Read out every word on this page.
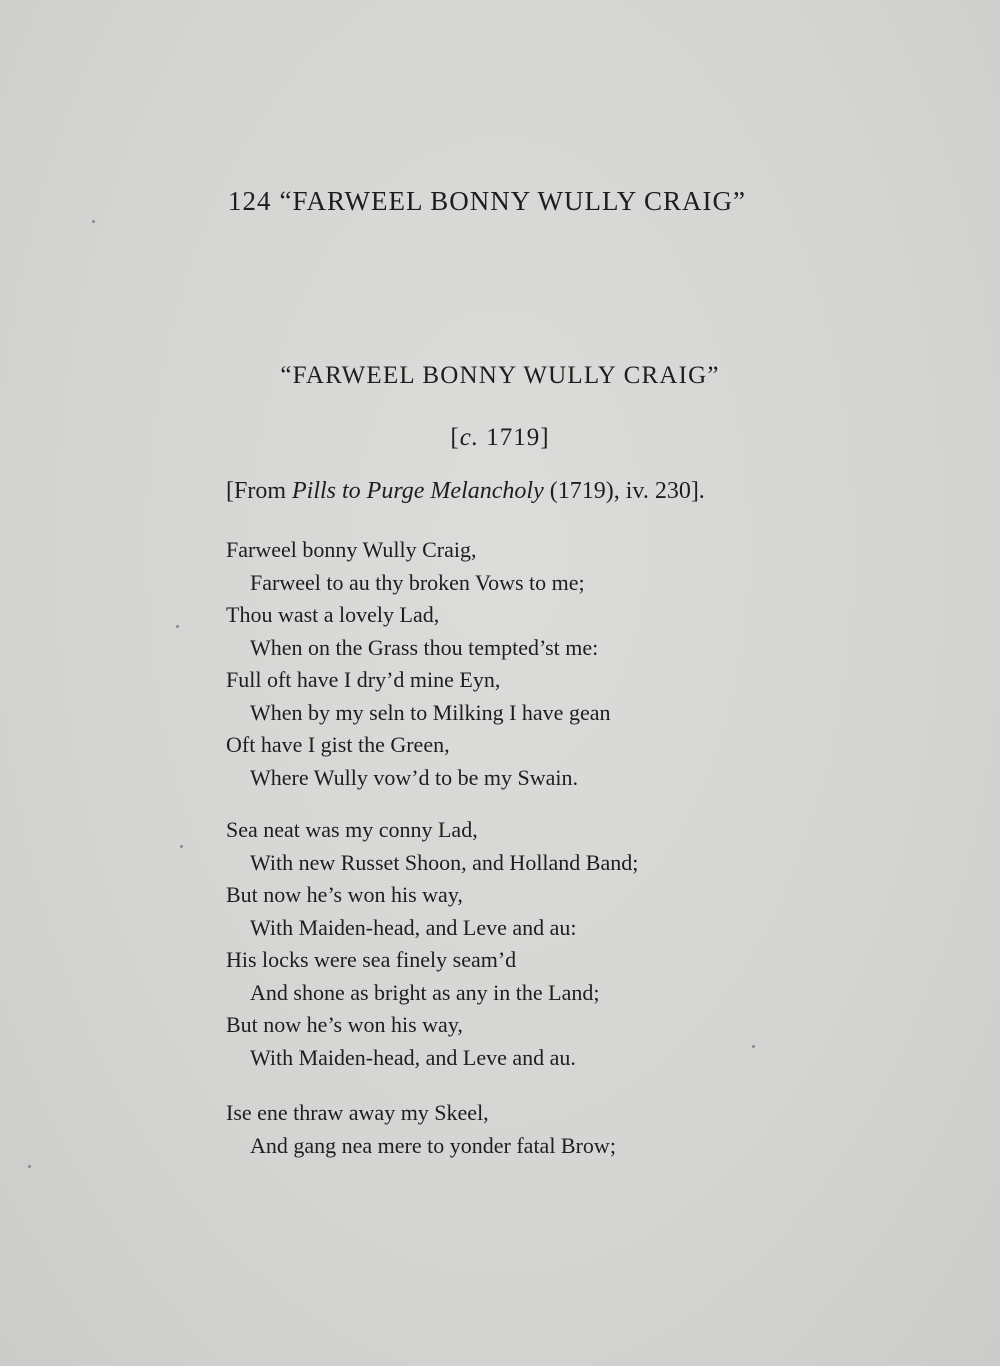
124 “FARWEEL BONNY WULLY CRAIG”
“FARWEEL BONNY WULLY CRAIG”
[c. 1719]
[From Pills to Purge Melancholy (1719), iv. 230].
Farweel bonny Wully Craig,
Farweel to au thy broken Vows to me;
Thou wast a lovely Lad,
When on the Grass thou tempted’st me:
Full oft have I dry’d mine Eyn,
When by my seln to Milking I have gean
Oft have I gist the Green,
Where Wully vow’d to be my Swain.
Sea neat was my conny Lad,
With new Russet Shoon, and Holland Band;
But now he’s won his way,
With Maiden-head, and Leve and au:
His locks were sea finely seam’d
And shone as bright as any in the Land;
But now he’s won his way,
With Maiden-head, and Leve and au.
Ise ene thraw away my Skeel,
And gang nea mere to yonder fatal Brow;
